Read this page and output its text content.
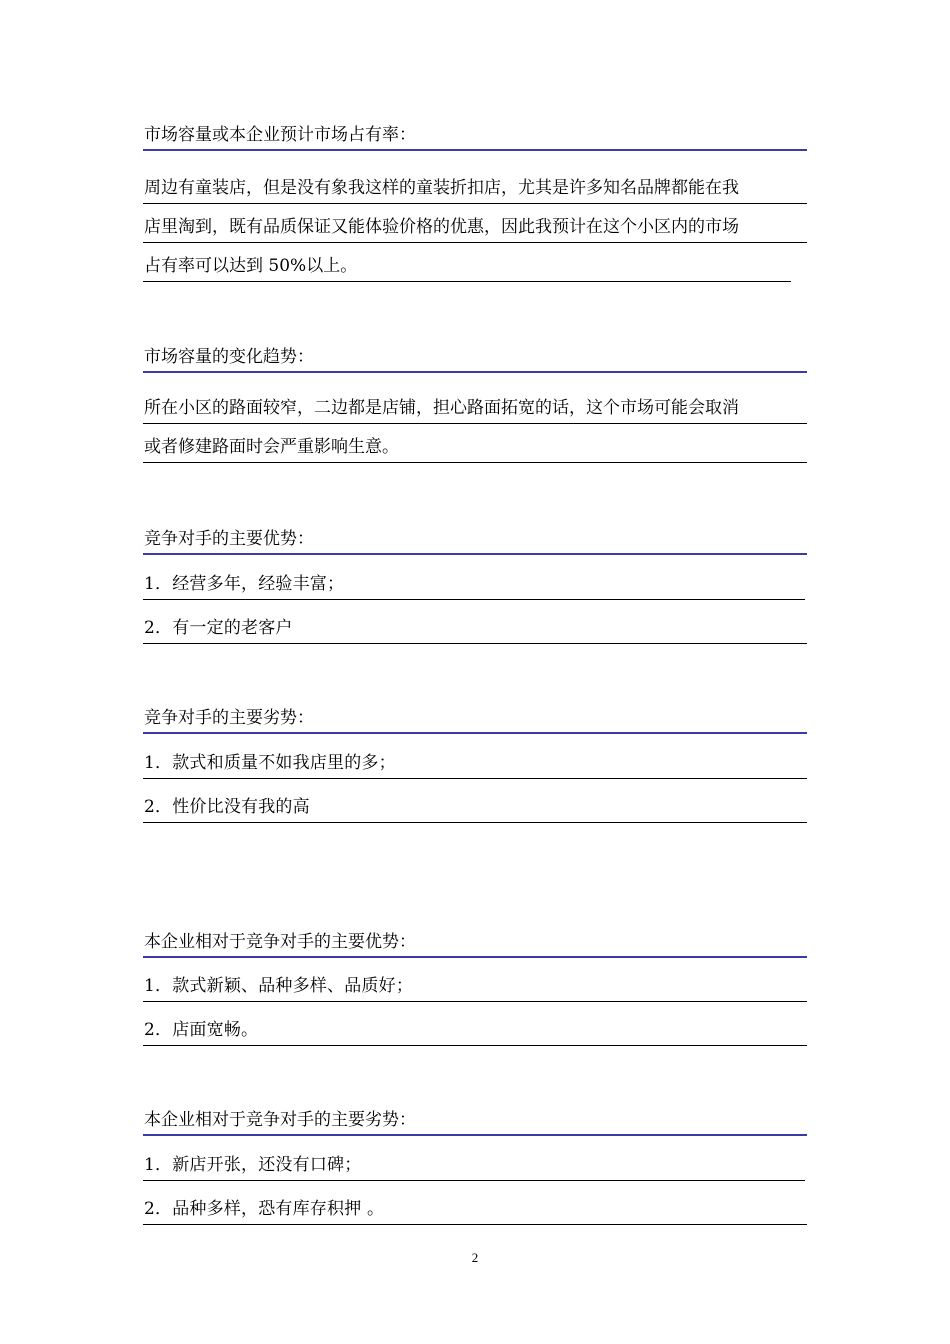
市场容量或本企业预计市场占有率：
周边有童装店，但是没有象我这样的童装折扣店，尤其是许多知名品牌都能在我
店里淘到，既有品质保证又能体验价格的优惠，因此我预计在这个小区内的市场
占有率可以达到 50%以上。
市场容量的变化趋势：
所在小区的路面较窄，二边都是店铺，担心路面拓宽的话，这个市场可能会取消
或者修建路面时会严重影响生意。
竞争对手的主要优势：
1．经营多年，经验丰富；
2．有一定的老客户
竞争对手的主要劣势：
1．款式和质量不如我店里的多；
2．性价比没有我的高
本企业相对于竞争对手的主要优势：
1．款式新颖、品种多样、品质好；
2．店面宽畅。
本企业相对于竞争对手的主要劣势：
1．新店开张，还没有口碑；
2．品种多样，恐有库存积押 。
2
